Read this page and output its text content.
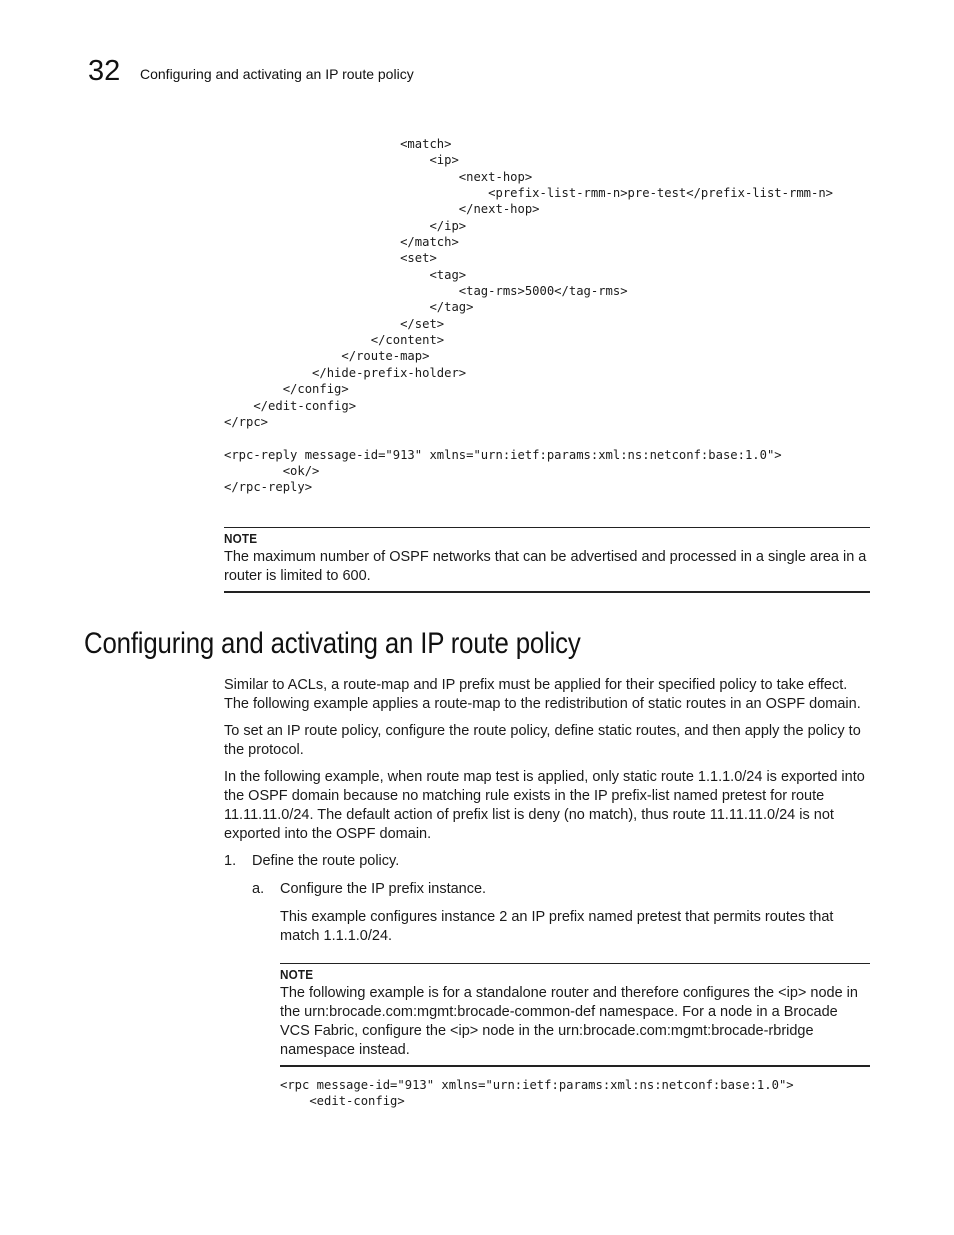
32 Configuring and activating an IP route policy
<match>
<ip>
<next-hop>
<prefix-list-rmm-n>pre-test</prefix-list-rmm-n>
</next-hop>
</ip>
</match>
<set>
<tag>
<tag-rms>5000</tag-rms>
</tag>
</set>
</content>
</route-map>
</hide-prefix-holder>
</config>
</edit-config>
</rpc>

<rpc-reply message-id="913" xmlns="urn:ietf:params:xml:ns:netconf:base:1.0">
<ok/>
</rpc-reply>
NOTE

The maximum number of OSPF networks that can be advertised and processed in a single area in a router is limited to 600.

Configuring and activating an IP route policy

Similar to ACLs, a route-map and IP prefix must be applied for their specified policy to take effect. The following example applies a route-map to the redistribution of static routes in an OSPF domain.

To set an IP route policy, configure the route policy, define static routes, and then apply the policy to the protocol.

In the following example, when route map test is applied, only static route 1.1.1.0/24 is exported into the OSPF domain because no matching rule exists in the IP prefix-list named pretest for route 11.11.11.0/24. The default action of prefix list is deny (no match), thus route 11.11.11.0/24 is not exported into the OSPF domain.

1. Define the route policy.

a. Configure the IP prefix instance.

This example configures instance 2 an IP prefix named pretest that permits routes that match 1.1.1.0/24.

NOTE

The following example is for a standalone router and therefore configures the <ip> node in the urn:brocade.com:mgmt:brocade-common-def namespace. For a node in a Brocade VCS Fabric, configure the <ip> node in the urn:brocade.com:mgmt:brocade-rbridge namespace instead.

<rpc message-id="913" xmlns="urn:ietf:params:xml:ns:netconf:base:1.0">
<edit-config>
